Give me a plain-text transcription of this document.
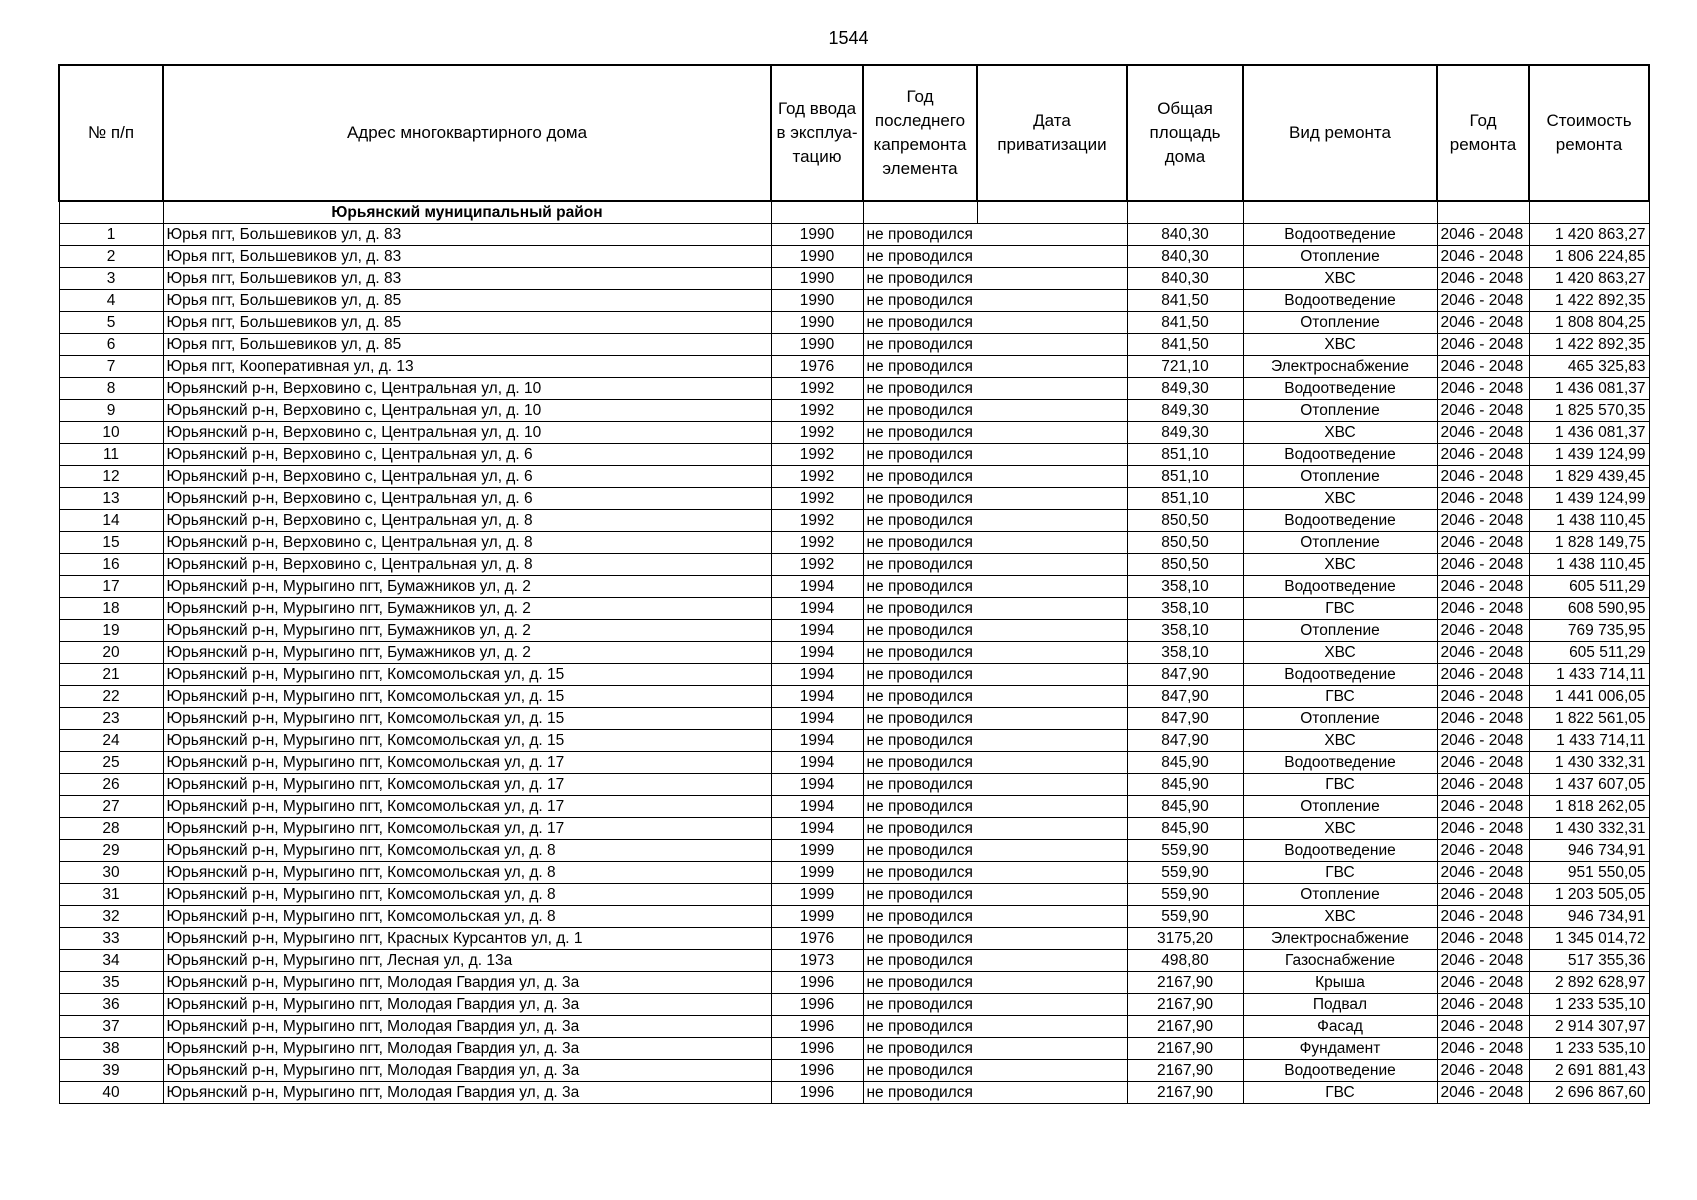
1544
№ п/п	Адрес многоквартирного дома	Год ввода в эксплуа-тацию	Год последнего капремонта элемента	Дата приватизации	Общая площадь дома	Вид ремонта	Год ремонта	Стоимость ремонта
	Юрьянский муниципальный район							
1	Юрья пгт, Большевиков ул, д. 83	1990	не проводился		840,30	Водоотведение	2046 - 2048	1 420 863,27
2	Юрья пгт, Большевиков ул, д. 83	1990	не проводился		840,30	Отопление	2046 - 2048	1 806 224,85
3	Юрья пгт, Большевиков ул, д. 83	1990	не проводился		840,30	ХВС	2046 - 2048	1 420 863,27
4	Юрья пгт, Большевиков ул, д. 85	1990	не проводился		841,50	Водоотведение	2046 - 2048	1 422 892,35
5	Юрья пгт, Большевиков ул, д. 85	1990	не проводился		841,50	Отопление	2046 - 2048	1 808 804,25
6	Юрья пгт, Большевиков ул, д. 85	1990	не проводился		841,50	ХВС	2046 - 2048	1 422 892,35
7	Юрья пгт, Кооперативная ул, д. 13	1976	не проводился		721,10	Электроснабжение	2046 - 2048	465 325,83
8	Юрьянский р-н, Верховино с, Центральная ул, д. 10	1992	не проводился		849,30	Водоотведение	2046 - 2048	1 436 081,37
9	Юрьянский р-н, Верховино с, Центральная ул, д. 10	1992	не проводился		849,30	Отопление	2046 - 2048	1 825 570,35
10	Юрьянский р-н, Верховино с, Центральная ул, д. 10	1992	не проводился		849,30	ХВС	2046 - 2048	1 436 081,37
11	Юрьянский р-н, Верховино с, Центральная ул, д. 6	1992	не проводился		851,10	Водоотведение	2046 - 2048	1 439 124,99
12	Юрьянский р-н, Верховино с, Центральная ул, д. 6	1992	не проводился		851,10	Отопление	2046 - 2048	1 829 439,45
13	Юрьянский р-н, Верховино с, Центральная ул, д. 6	1992	не проводился		851,10	ХВС	2046 - 2048	1 439 124,99
14	Юрьянский р-н, Верховино с, Центральная ул, д. 8	1992	не проводился		850,50	Водоотведение	2046 - 2048	1 438 110,45
15	Юрьянский р-н, Верховино с, Центральная ул, д. 8	1992	не проводился		850,50	Отопление	2046 - 2048	1 828 149,75
16	Юрьянский р-н, Верховино с, Центральная ул, д. 8	1992	не проводился		850,50	ХВС	2046 - 2048	1 438 110,45
17	Юрьянский р-н, Мурыгино пгт, Бумажников ул, д. 2	1994	не проводился		358,10	Водоотведение	2046 - 2048	605 511,29
18	Юрьянский р-н, Мурыгино пгт, Бумажников ул, д. 2	1994	не проводился		358,10	ГВС	2046 - 2048	608 590,95
19	Юрьянский р-н, Мурыгино пгт, Бумажников ул, д. 2	1994	не проводился		358,10	Отопление	2046 - 2048	769 735,95
20	Юрьянский р-н, Мурыгино пгт, Бумажников ул, д. 2	1994	не проводился		358,10	ХВС	2046 - 2048	605 511,29
21	Юрьянский р-н, Мурыгино пгт, Комсомольская ул, д. 15	1994	не проводился		847,90	Водоотведение	2046 - 2048	1 433 714,11
22	Юрьянский р-н, Мурыгино пгт, Комсомольская ул, д. 15	1994	не проводился		847,90	ГВС	2046 - 2048	1 441 006,05
23	Юрьянский р-н, Мурыгино пгт, Комсомольская ул, д. 15	1994	не проводился		847,90	Отопление	2046 - 2048	1 822 561,05
24	Юрьянский р-н, Мурыгино пгт, Комсомольская ул, д. 15	1994	не проводился		847,90	ХВС	2046 - 2048	1 433 714,11
25	Юрьянский р-н, Мурыгино пгт, Комсомольская ул, д. 17	1994	не проводился		845,90	Водоотведение	2046 - 2048	1 430 332,31
26	Юрьянский р-н, Мурыгино пгт, Комсомольская ул, д. 17	1994	не проводился		845,90	ГВС	2046 - 2048	1 437 607,05
27	Юрьянский р-н, Мурыгино пгт, Комсомольская ул, д. 17	1994	не проводился		845,90	Отопление	2046 - 2048	1 818 262,05
28	Юрьянский р-н, Мурыгино пгт, Комсомольская ул, д. 17	1994	не проводился		845,90	ХВС	2046 - 2048	1 430 332,31
29	Юрьянский р-н, Мурыгино пгт, Комсомольская ул, д. 8	1999	не проводился		559,90	Водоотведение	2046 - 2048	946 734,91
30	Юрьянский р-н, Мурыгино пгт, Комсомольская ул, д. 8	1999	не проводился		559,90	ГВС	2046 - 2048	951 550,05
31	Юрьянский р-н, Мурыгино пгт, Комсомольская ул, д. 8	1999	не проводился		559,90	Отопление	2046 - 2048	1 203 505,05
32	Юрьянский р-н, Мурыгино пгт, Комсомольская ул, д. 8	1999	не проводился		559,90	ХВС	2046 - 2048	946 734,91
33	Юрьянский р-н, Мурыгино пгт, Красных Курсантов ул, д. 1	1976	не проводился		3175,20	Электроснабжение	2046 - 2048	1 345 014,72
34	Юрьянский р-н, Мурыгино пгт, Лесная ул, д. 13а	1973	не проводился		498,80	Газоснабжение	2046 - 2048	517 355,36
35	Юрьянский р-н, Мурыгино пгт, Молодая Гвардия ул, д. 3а	1996	не проводился		2167,90	Крыша	2046 - 2048	2 892 628,97
36	Юрьянский р-н, Мурыгино пгт, Молодая Гвардия ул, д. 3а	1996	не проводился		2167,90	Подвал	2046 - 2048	1 233 535,10
37	Юрьянский р-н, Мурыгино пгт, Молодая Гвардия ул, д. 3а	1996	не проводился		2167,90	Фасад	2046 - 2048	2 914 307,97
38	Юрьянский р-н, Мурыгино пгт, Молодая Гвардия ул, д. 3а	1996	не проводился		2167,90	Фундамент	2046 - 2048	1 233 535,10
39	Юрьянский р-н, Мурыгино пгт, Молодая Гвардия ул, д. 3а	1996	не проводился		2167,90	Водоотведение	2046 - 2048	2 691 881,43
40	Юрьянский р-н, Мурыгино пгт, Молодая Гвардия ул, д. 3а	1996	не проводился		2167,90	ГВС	2046 - 2048	2 696 867,60
